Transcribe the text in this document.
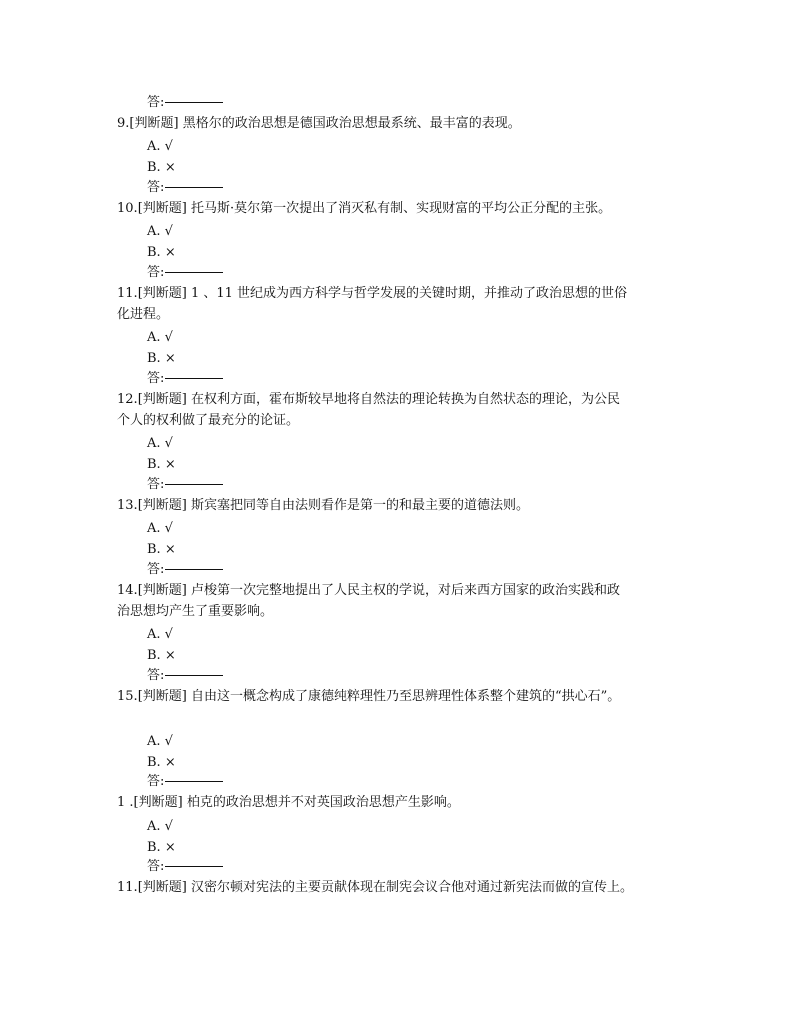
答:
9.[判断题] 黑格尔的政治思想是德国政治思想最系统、最丰富的表现。
A. √
B. ×
答:
10.[判断题] 托马斯·莫尔第一次提出了消灭私有制、实现财富的平均公正分配的主张。
A. √
B. ×
答:
11.[判断题] 1 、11 世纪成为西方科学与哲学发展的关键时期，并推动了政治思想的世俗
化进程。
A. √
B. ×
答:
12.[判断题] 在权利方面，霍布斯较早地将自然法的理论转换为自然状态的理论，为公民
个人的权利做了最充分的论证。
A. √
B. ×
答:
13.[判断题] 斯宾塞把同等自由法则看作是第一的和最主要的道德法则。
A. √
B. ×
答:
14.[判断题] 卢梭第一次完整地提出了人民主权的学说，对后来西方国家的政治实践和政
治思想均产生了重要影响。
A. √
B. ×
答:
15.[判断题] 自由这一概念构成了康德纯粹理性乃至思辨理性体系整个建筑的“拱心石”。
A. √
B. ×
答:
1 .[判断题] 柏克的政治思想并不对英国政治思想产生影响。
A. √
B. ×
答:
11.[判断题] 汉密尔顿对宪法的主要贡献体现在制宪会议合他对通过新宪法而做的宣传上。
